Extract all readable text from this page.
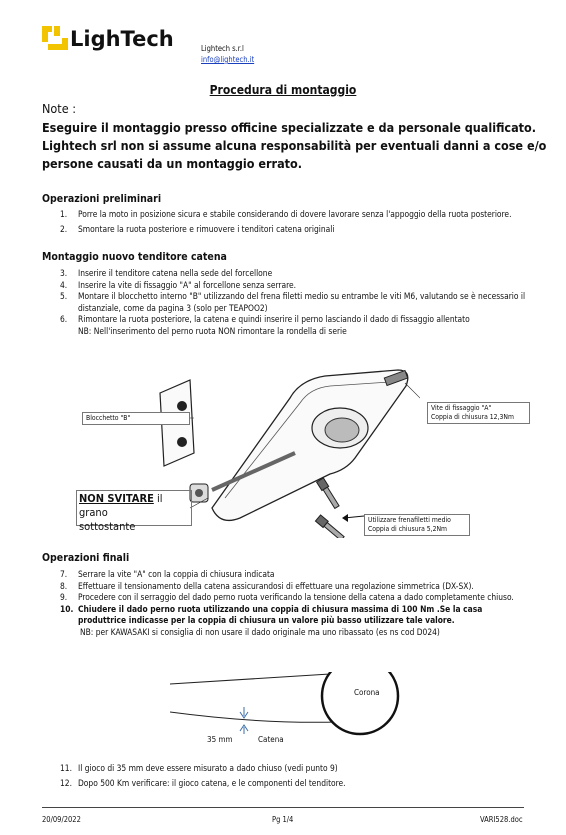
LighTech	Lightech s.r.l
info@lightech.it
Procedura di montaggio
Note :
Eseguire il montaggio presso officine specializzate e da personale qualificato.
Lightech srl non si assume alcuna responsabilità per eventuali danni a cose e/o persone causati da un montaggio errato.
Operazioni preliminari
1. Porre la moto in posizione sicura e stabile considerando di dovere lavorare senza l'appoggio della ruota posteriore.
2. Smontare la ruota posteriore e rimuovere i tenditori catena originali
Montaggio nuovo tenditore catena
3. Inserire il tenditore catena nella sede del forcellone
4. Inserire la vite di fissaggio "A" al forcellone senza serrare.
5. Montare il blocchetto interno "B" utilizzando del frena filetti medio su entrambe le viti M6, valutando se è necessario il distanziale, come da pagina 3 (solo per TEAPOO2)
6. Rimontare la ruota posteriore, la catena e quindi inserire il perno lasciando il dado di fissaggio allentato
NB: Nell'inserimento del perno ruota NON rimontare la rondella di serie
Blocchetto "B"
Vite di fissaggio "A"
Coppia di chiusura 12,3Nm
NON SVITARE il grano
sottostante	Utilizzare frenafiletti medio
Coppia di chiusura 5,2Nm
Operazioni finali
7. Serrare la vite "A" con la coppia di chiusura indicata
8. Effettuare il tensionamento della catena assicurandosi di effettuare una regolazione simmetrica (DX-SX).
9. Procedere con il serraggio del dado perno ruota verificando la tensione della catena a dado completamente chiuso.
10. Chiudere il dado perno ruota utilizzando una coppia di chiusura massima di 100 Nm .Se la casa produttrice indicasse per la coppia di chiusura un valore più basso utilizzare tale valore.
NB: per KAWASAKI si consiglia di non usare il dado originale ma uno ribassato (es ns cod D024)
Corona
35 mm	Catena
11. Il gioco di 35 mm deve essere misurato a dado chiuso (vedi punto 9)
12. Dopo 500 Km verificare: il gioco catena, e le componenti del tenditore.
20/09/2022	Pg 1/4	VARI528.doc
